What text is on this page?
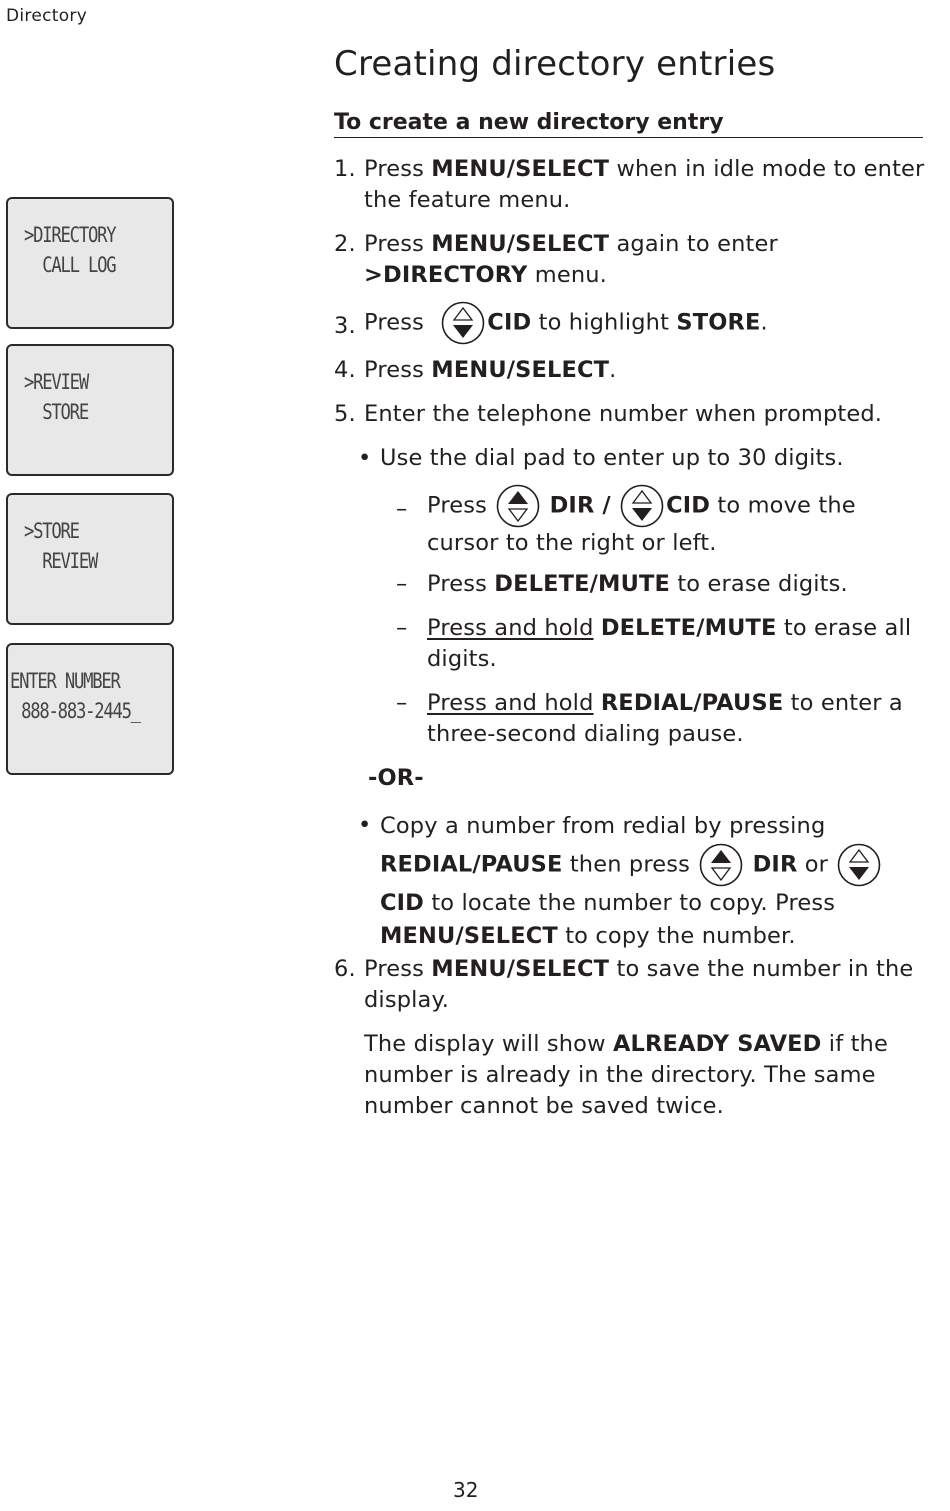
Directory
Creating directory entries
To create a new directory entry
>DIRECTORY
CALL LOG
>REVIEW
STORE
>STORE
REVIEW
ENTER NUMBER
888-883-2445_
1. Press MENU/SELECT when in idle mode to enter the feature menu.

2. Press MENU/SELECT again to enter
>DIRECTORY menu.

3. Press
CID to highlight STORE.

4. Press MENU/SELECT.

5. Enter the telephone number when prompted.

• Use the dial pad to enter up to 30 digits.

– Press
DIR / CID to move the cursor to the right or left.

– Press DELETE/MUTE to erase digits.

– Press and hold DELETE/MUTE to erase all digits.

– Press and hold REDIAL/PAUSE to enter a three-second dialing pause.

-OR-

• Copy a number from redial by pressing
REDIAL/PAUSE then press
DIR or
CID to locate the number to copy. Press MENU/SELECT to copy the number.

6. Press MENU/SELECT to save the number in the display.

The display will show ALREADY SAVED if the number is already in the directory. The same number cannot be saved twice.

32
